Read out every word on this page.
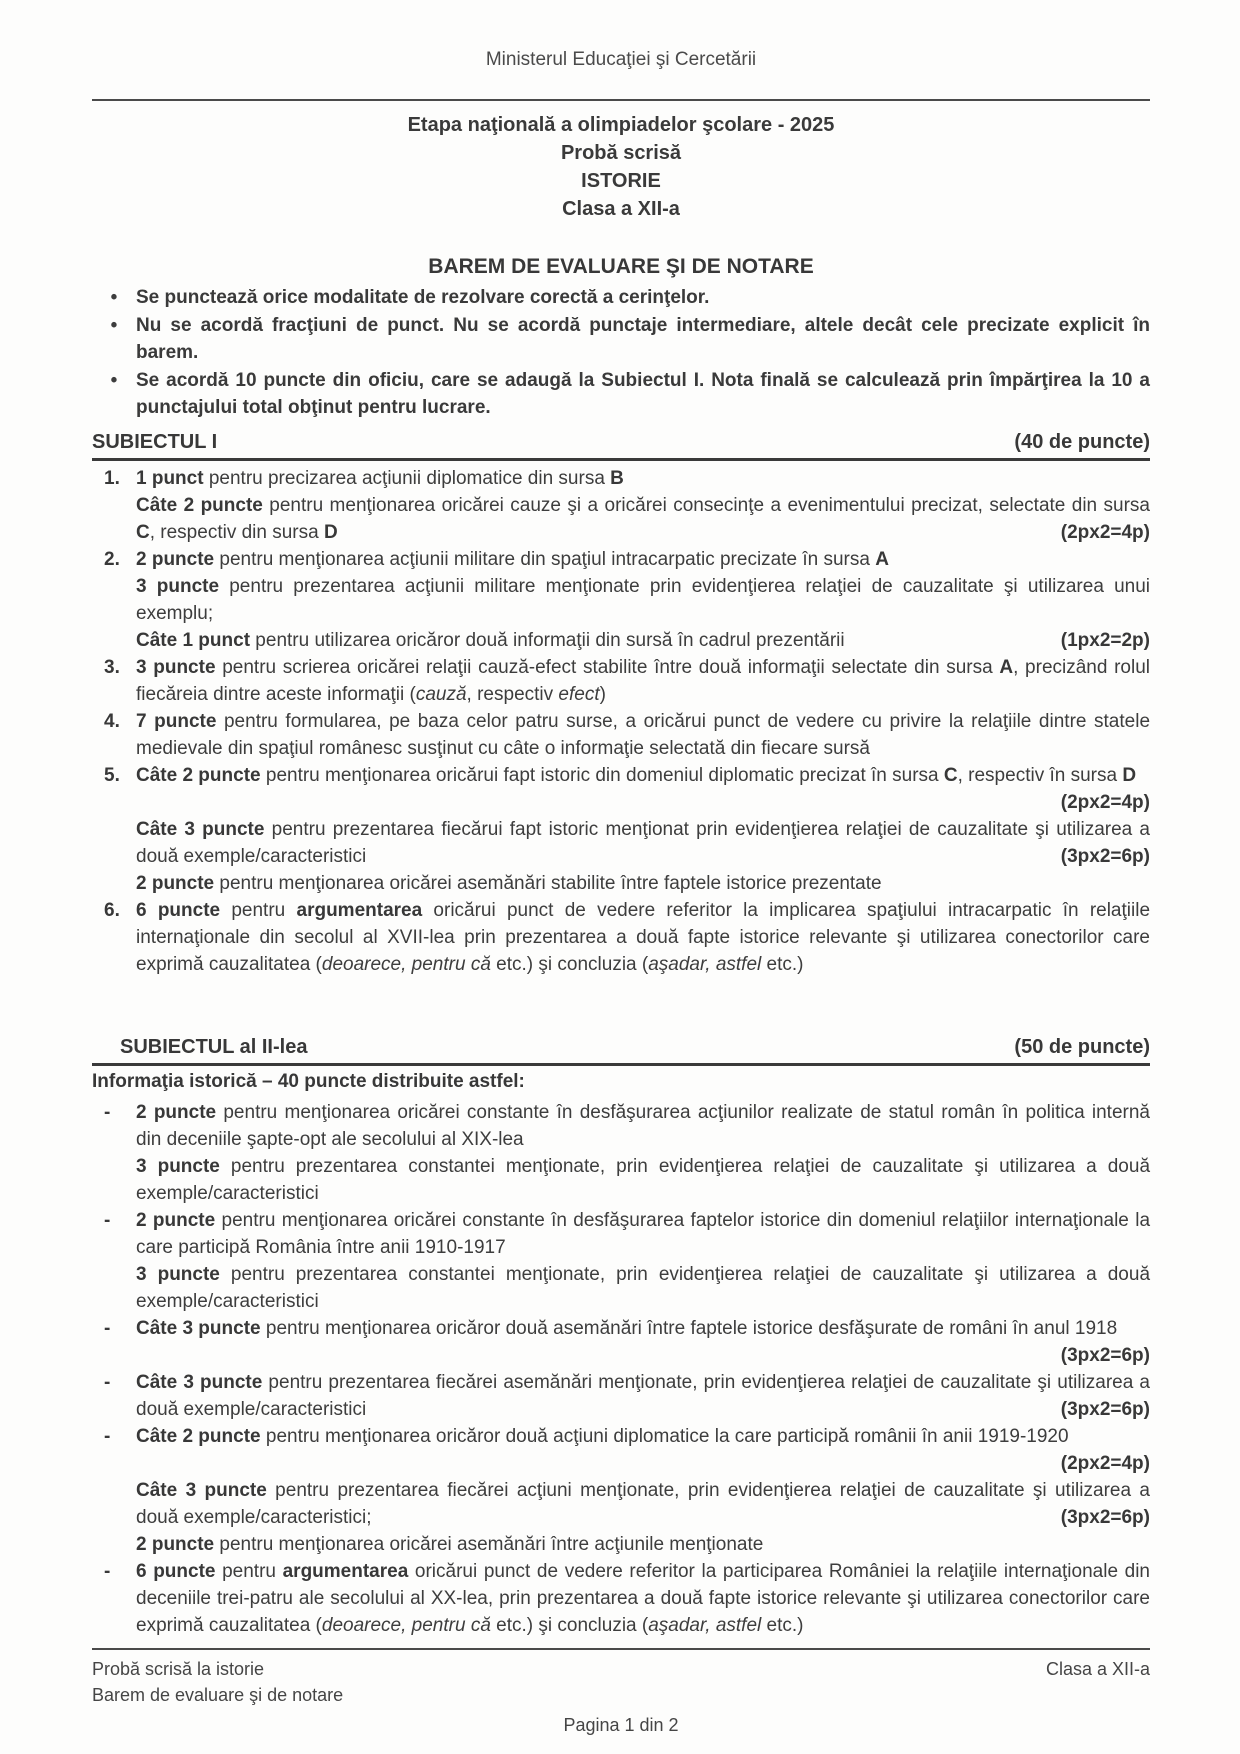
Ministerul Educaţiei şi Cercetării
Etapa naţională a olimpiadelor şcolare - 2025
Probă scrisă
ISTORIE
Clasa a XII-a
BAREM DE EVALUARE ŞI DE NOTARE
• Se punctează orice modalitate de rezolvare corectă a cerinţelor.
• Nu se acordă fracţiuni de punct. Nu se acordă punctaje intermediare, altele decât cele precizate explicit în barem.
• Se acordă 10 puncte din oficiu, care se adaugă la Subiectul I. Nota finală se calculează prin împărţirea la 10 a punctajului total obţinut pentru lucrare.
SUBIECTUL I	(40 de puncte)
1. 1 punct pentru precizarea acţiunii diplomatice din sursa B
Câte 2 puncte pentru menţionarea oricărei cauze şi a oricărei consecinţe a evenimentului precizat, selectate din sursa C, respectiv din sursa D	(2px2=4p)
2. 2 puncte pentru menţionarea acţiunii militare din spaţiul intracarpatic precizate în sursa A
3 puncte pentru prezentarea acţiunii militare menţionate prin evidenţierea relaţiei de cauzalitate şi utilizarea unui exemplu;
Câte 1 punct pentru utilizarea oricăror două informaţii din sursă în cadrul prezentării	(1px2=2p)
3. 3 puncte pentru scrierea oricărei relaţii cauză-efect stabilite între două informaţii selectate din sursa A, precizând rolul fiecăreia dintre aceste informaţii (cauză, respectiv efect)
4. 7 puncte pentru formularea, pe baza celor patru surse, a oricărui punct de vedere cu privire la relaţiile dintre statele medievale din spaţiul românesc susţinut cu câte o informaţie selectată din fiecare sursă
5. Câte 2 puncte pentru menţionarea oricărui fapt istoric din domeniul diplomatic precizat în sursa C, respectiv în sursa D
(2px2=4p)
Câte 3 puncte pentru prezentarea fiecărui fapt istoric menţionat prin evidenţierea relaţiei de cauzalitate şi utilizarea a două exemple/caracteristici	(3px2=6p)
2 puncte pentru menţionarea oricărei asemănări stabilite între faptele istorice prezentate
6. 6 puncte pentru argumentarea oricărui punct de vedere referitor la implicarea spaţiului intracarpatic în relaţiile internaţionale din secolul al XVII-lea prin prezentarea a două fapte istorice relevante şi utilizarea conectorilor care exprimă cauzalitatea (deoarece, pentru că etc.) şi concluzia (aşadar, astfel etc.)
SUBIECTUL al II-lea	(50 de puncte)
Informaţia istorică – 40 puncte distribuite astfel:
-	2 puncte pentru menţionarea oricărei constante în desfăşurarea acţiunilor realizate de statul român în politica internă din deceniile şapte-opt ale secolului al XIX-lea
3 puncte pentru prezentarea constantei menţionate, prin evidenţierea relaţiei de cauzalitate şi utilizarea a două exemple/caracteristici
-	2 puncte pentru menţionarea oricărei constante în desfăşurarea faptelor istorice din domeniul relaţiilor internaţionale la care participă România între anii 1910-1917
3 puncte pentru prezentarea constantei menţionate, prin evidenţierea relaţiei de cauzalitate şi utilizarea a două exemple/caracteristici
-	Câte 3 puncte pentru menţionarea oricăror două asemănări între faptele istorice desfăşurate de români în anul 1918
(3px2=6p)
-	Câte 3 puncte pentru prezentarea fiecărei asemănări menţionate, prin evidenţierea relaţiei de cauzalitate şi utilizarea a două exemple/caracteristici	(3px2=6p)
-	Câte 2 puncte pentru menţionarea oricăror două acţiuni diplomatice la care participă românii în anii 1919-1920
(2px2=4p)
Câte 3 puncte pentru prezentarea fiecărei acţiuni menţionate, prin evidenţierea relaţiei de cauzalitate şi utilizarea a două exemple/caracteristici;	(3px2=6p)
2 puncte pentru menţionarea oricărei asemănări între acţiunile menţionate
-	6 puncte pentru argumentarea oricărui punct de vedere referitor la participarea României la relaţiile internaţionale din deceniile trei-patru ale secolului al XX-lea, prin prezentarea a două fapte istorice relevante şi utilizarea conectorilor care exprimă cauzalitatea (deoarece, pentru că etc.) şi concluzia (aşadar, astfel etc.)
Probă scrisă la istorie
Barem de evaluare şi de notare
Clasa a XII-a
Pagina 1 din 2
